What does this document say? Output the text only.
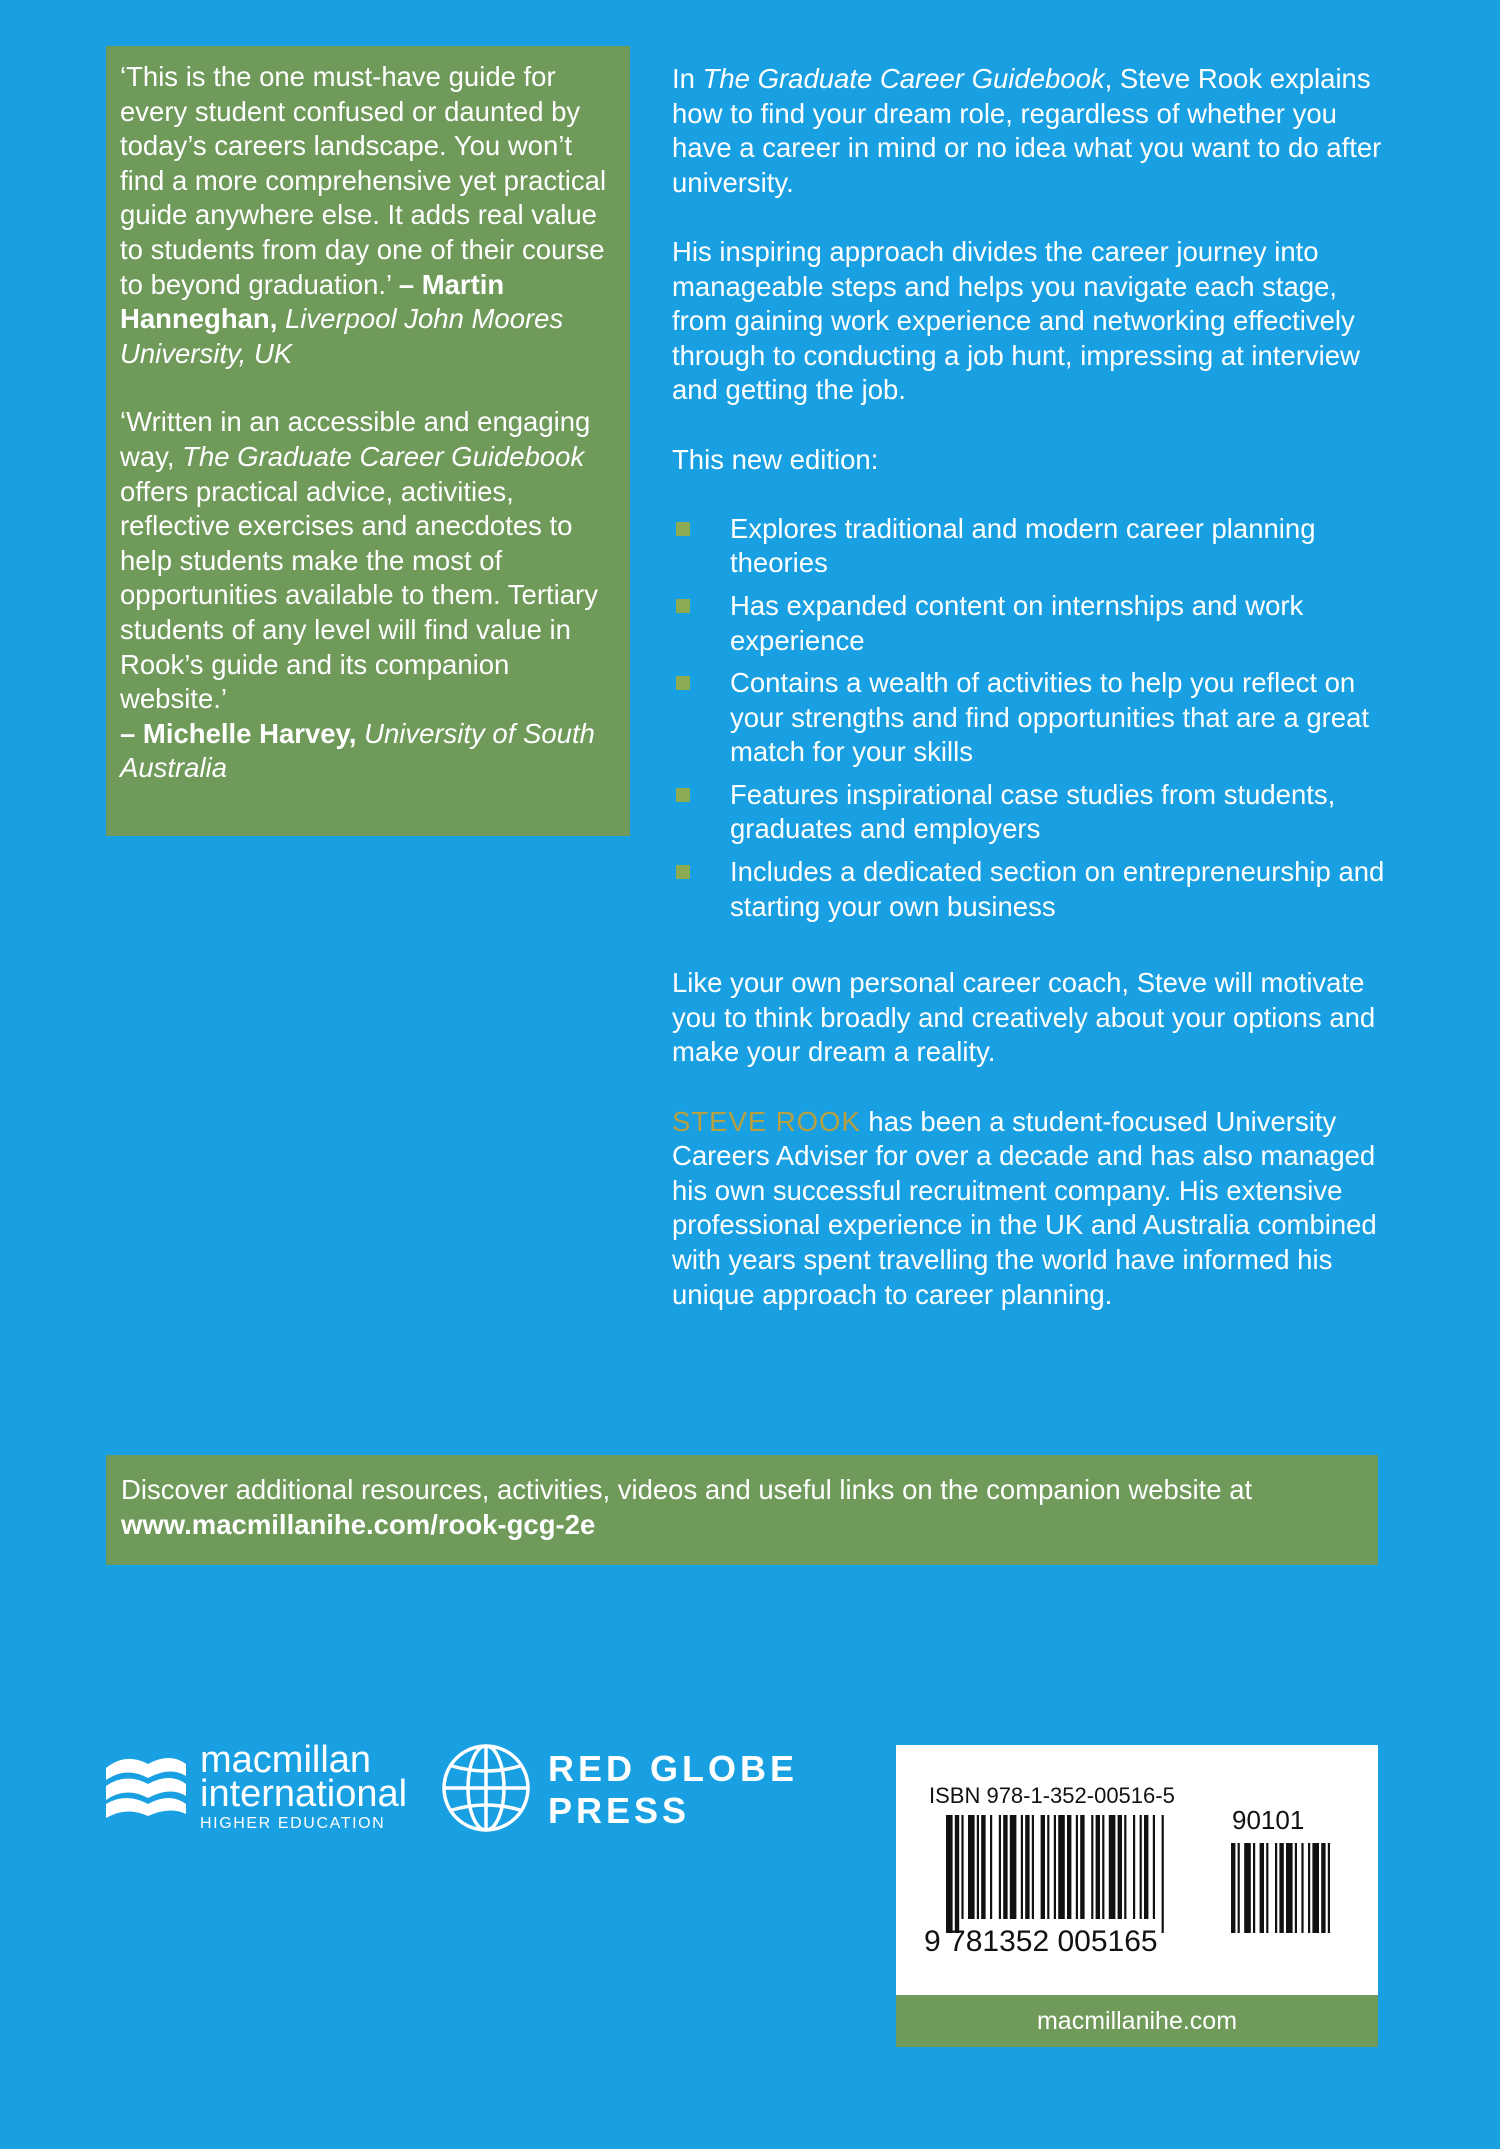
‘This is the one must-have guide for every student confused or daunted by today’s careers landscape. You won’t find a more comprehensive yet practical guide anywhere else. It adds real value to students from day one of their course to beyond graduation.’ – Martin Hanneghan, Liverpool John Moores University, UK
‘Written in an accessible and engaging way, The Graduate Career Guidebook offers practical advice, activities, reflective exercises and anecdotes to help students make the most of opportunities available to them. Tertiary students of any level will find value in Rook’s guide and its companion website.’
– Michelle Harvey, University of South Australia

In The Graduate Career Guidebook, Steve Rook explains how to find your dream role, regardless of whether you have a career in mind or no idea what you want to do after university.

His inspiring approach divides the career journey into manageable steps and helps you navigate each stage, from gaining work experience and networking effectively through to conducting a job hunt, impressing at interview and getting the job.

This new edition:

Explores traditional and modern career planning theories
Has expanded content on internships and work experience
Contains a wealth of activities to help you reflect on your strengths and find opportunities that are a great match for your skills
Features inspirational case studies from students, graduates and employers
Includes a dedicated section on entrepreneurship and starting your own business

Like your own personal career coach, Steve will motivate you to think broadly and creatively about your options and make your dream a reality.

STEVE ROOK has been a student-focused University Careers Adviser for over a decade and has also managed his own successful recruitment company. His extensive professional experience in the UK and Australia combined with years spent travelling the world have informed his unique approach to career planning.

Discover additional resources, activities, videos and useful links on the companion website at www.macmillanihe.com/rook-gcg-2e
macmillan
international
HIGHER EDUCATION
RED GLOBE
PRESS	ISBN 978-1-352-00516-5
90101
9 781352 005165
macmillanihe.com
